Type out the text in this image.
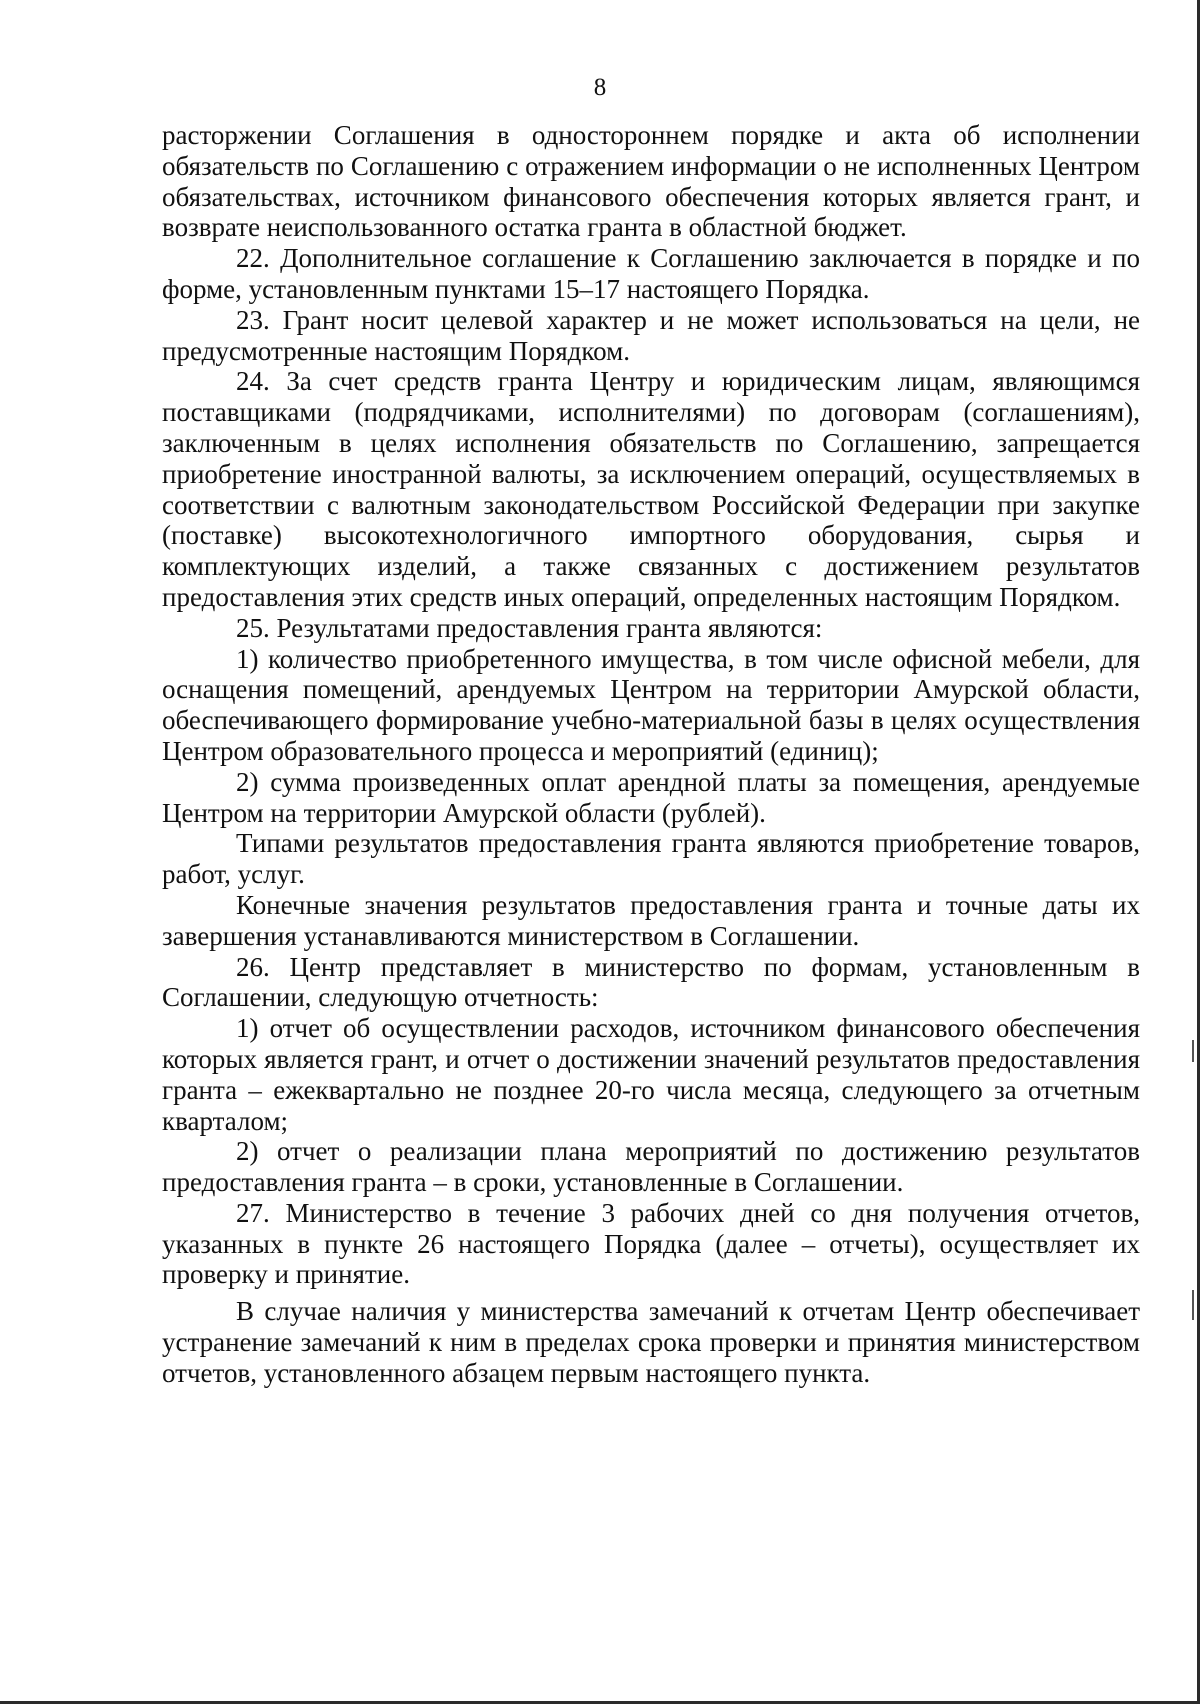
8

расторжении Соглашения в одностороннем порядке и акта об исполнении обязательств по Соглашению с отражением информации о не исполненных Центром обязательствах, источником финансового обеспечения которых является грант, и возврате неиспользованного остатка гранта в областной бюджет.

22. Дополнительное соглашение к Соглашению заключается в порядке и по форме, установленным пунктами 15–17 настоящего Порядка.

23. Грант носит целевой характер и не может использоваться на цели, не предусмотренные настоящим Порядком.

24. За счет средств гранта Центру и юридическим лицам, являющимся поставщиками (подрядчиками, исполнителями) по договорам (соглашениям), заключенным в целях исполнения обязательств по Соглашению, запрещается приобретение иностранной валюты, за исключением операций, осуществляемых в соответствии с валютным законодательством Российской Федерации при закупке (поставке) высокотехнологичного импортного оборудования, сырья и комплектующих изделий, а также связанных с достижением результатов предоставления этих средств иных операций, определенных настоящим Порядком.

25. Результатами предоставления гранта являются:

1) количество приобретенного имущества, в том числе офисной мебели, для оснащения помещений, арендуемых Центром на территории Амурской области, обеспечивающего формирование учебно-материальной базы в целях осуществления Центром образовательного процесса и мероприятий (единиц);

2) сумма произведенных оплат арендной платы за помещения, арендуемые Центром на территории Амурской области (рублей).

Типами результатов предоставления гранта являются приобретение товаров, работ, услуг.

Конечные значения результатов предоставления гранта и точные даты их завершения устанавливаются министерством в Соглашении.

26. Центр представляет в министерство по формам, установленным в Соглашении, следующую отчетность:

1) отчет об осуществлении расходов, источником финансового обеспечения которых является грант, и отчет о достижении значений результатов предоставления гранта – ежеквартально не позднее 20-го числа месяца, следующего за отчетным кварталом;

2) отчет о реализации плана мероприятий по достижению результатов предоставления гранта – в сроки, установленные в Соглашении.

27. Министерство в течение 3 рабочих дней со дня получения отчетов, указанных в пункте 26 настоящего Порядка (далее – отчеты), осуществляет их проверку и принятие.

В случае наличия у министерства замечаний к отчетам Центр обеспечивает устранение замечаний к ним в пределах срока проверки и принятия министерством отчетов, установленного абзацем первым настоящего пункта.
